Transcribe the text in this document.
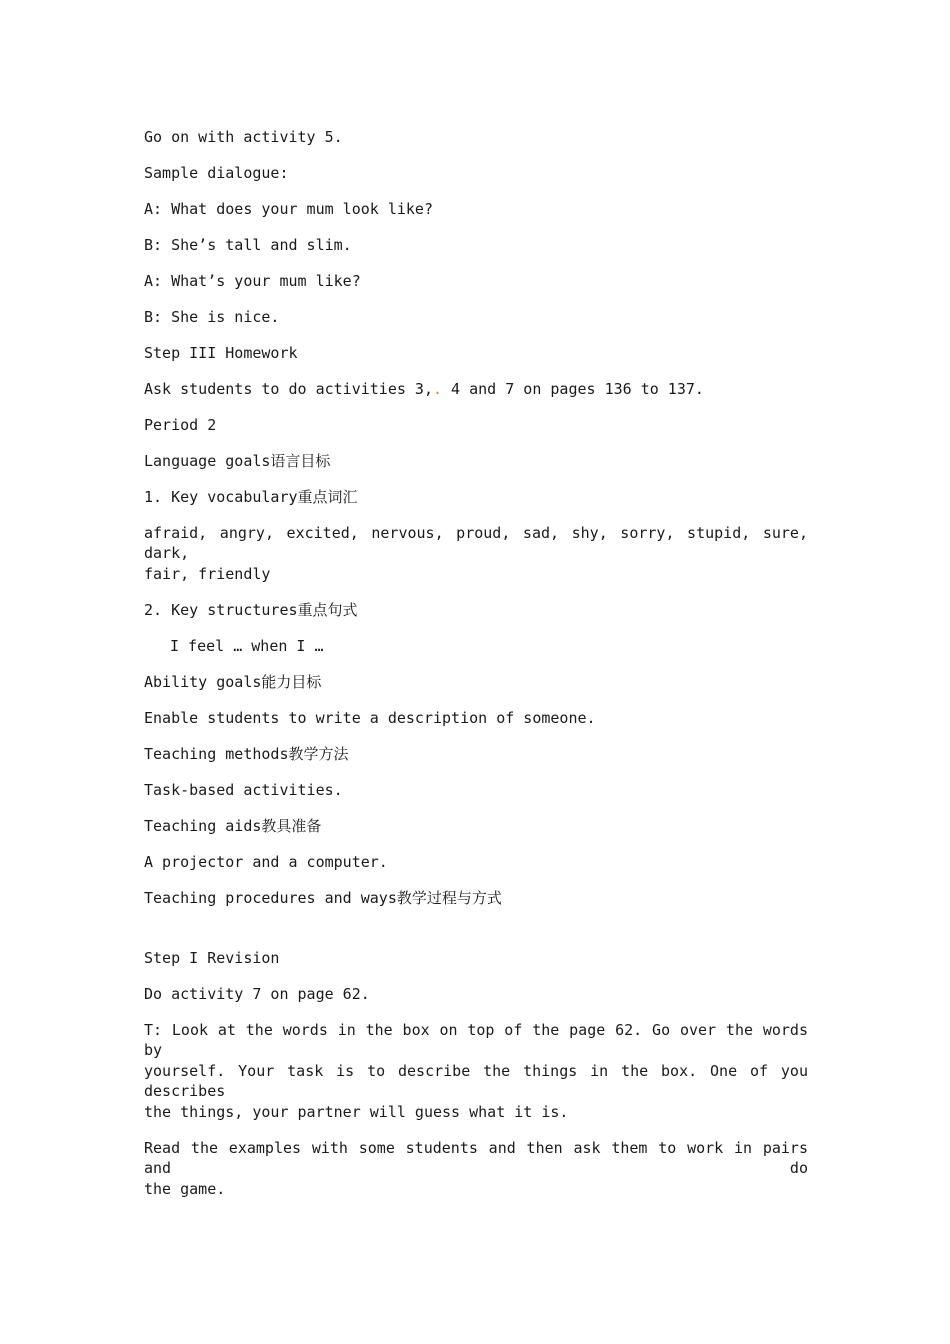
Go on with activity 5.
Sample dialogue:
A: What does your mum look like?
B: She’s tall and slim.
A: What’s your mum like?
B: She is nice.
Step III Homework
Ask students to do activities 3,. 4 and 7 on pages 136 to 137.
Period 2
Language goals语言目标
1. Key vocabulary重点词汇
afraid, angry, excited, nervous, proud, sad, shy, sorry, stupid, sure, dark,
fair, friendly
2. Key structures重点句式
I feel … when I …
Ability goals能力目标
Enable students to write a description of someone.
Teaching methods教学方法
Task-based activities.
Teaching aids教具准备
A projector and a computer.
Teaching procedures and ways教学过程与方式
Step I Revision
Do activity 7 on page 62.
T: Look at the words in the box on top of the page 62. Go over the words by
yourself. Your task is to describe the things in the box. One of you describes
the things, your partner will guess what it is.
Read the examples with some students and then ask them to work in pairs and do
the game.
